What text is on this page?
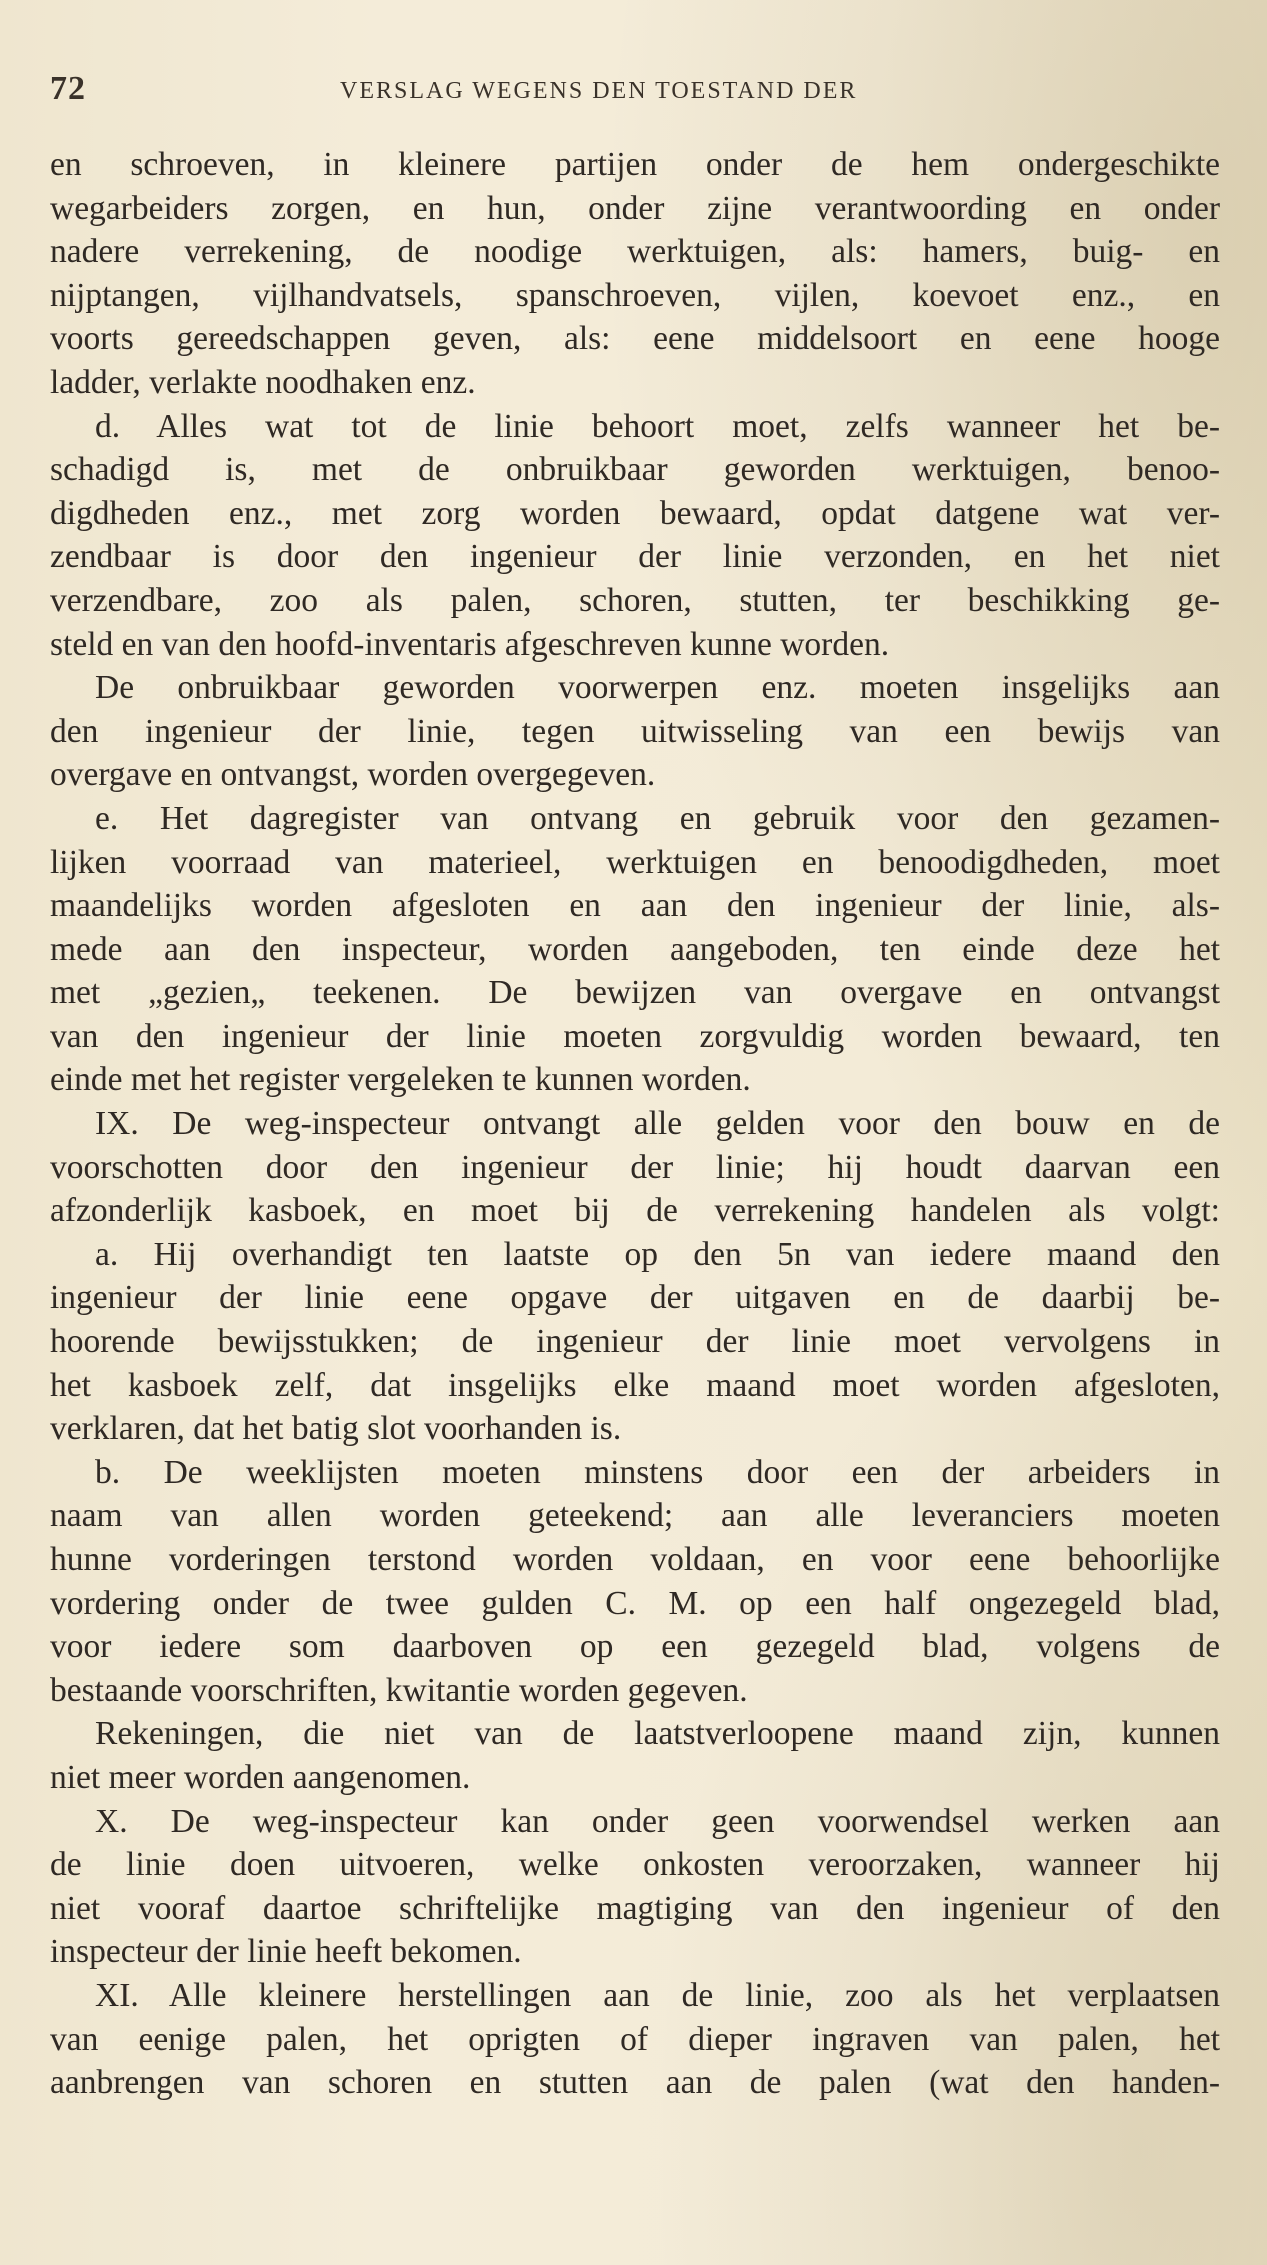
72	VERSLAG WEGENS DEN TOESTAND DER
en schroeven, in kleinere partijen onder de hem ondergeschikte
wegarbeiders zorgen, en hun, onder zijne verantwoording en onder
nadere verrekening, de noodige werktuigen, als: hamers, buig- en
nijptangen, vijlhandvatsels, spanschroeven, vijlen, koevoet enz., en
voorts gereedschappen geven, als: eene middelsoort en eene hooge
ladder, verlakte noodhaken enz.
d. Alles wat tot de linie behoort moet, zelfs wanneer het be-
schadigd is, met de onbruikbaar geworden werktuigen, benoo-
digdheden enz., met zorg worden bewaard, opdat datgene wat ver-
zendbaar is door den ingenieur der linie verzonden, en het niet
verzendbare, zoo als palen, schoren, stutten, ter beschikking ge-
steld en van den hoofd-inventaris afgeschreven kunne worden.
De onbruikbaar geworden voorwerpen enz. moeten insgelijks aan
den ingenieur der linie, tegen uitwisseling van een bewijs van
overgave en ontvangst, worden overgegeven.
e. Het dagregister van ontvang en gebruik voor den gezamen-
lijken voorraad van materieel, werktuigen en benoodigdheden, moet
maandelijks worden afgesloten en aan den ingenieur der linie, als-
mede aan den inspecteur, worden aangeboden, ten einde deze het
met „gezien„ teekenen. De bewijzen van overgave en ontvangst
van den ingenieur der linie moeten zorgvuldig worden bewaard, ten
einde met het register vergeleken te kunnen worden.
IX. De weg-inspecteur ontvangt alle gelden voor den bouw en de
voorschotten door den ingenieur der linie; hij houdt daarvan een
afzonderlijk kasboek, en moet bij de verrekening handelen als volgt:
a. Hij overhandigt ten laatste op den 5n van iedere maand den
ingenieur der linie eene opgave der uitgaven en de daarbij be-
hoorende bewijsstukken; de ingenieur der linie moet vervolgens in
het kasboek zelf, dat insgelijks elke maand moet worden afgesloten,
verklaren, dat het batig slot voorhanden is.
b. De weeklijsten moeten minstens door een der arbeiders in
naam van allen worden geteekend; aan alle leveranciers moeten
hunne vorderingen terstond worden voldaan, en voor eene behoorlijke
vordering onder de twee gulden C. M. op een half ongezegeld blad,
voor iedere som daarboven op een gezegeld blad, volgens de
bestaande voorschriften, kwitantie worden gegeven.
Rekeningen, die niet van de laatstverloopene maand zijn, kunnen
niet meer worden aangenomen.
X. De weg-inspecteur kan onder geen voorwendsel werken aan
de linie doen uitvoeren, welke onkosten veroorzaken, wanneer hij
niet vooraf daartoe schriftelijke magtiging van den ingenieur of den
inspecteur der linie heeft bekomen.
XI. Alle kleinere herstellingen aan de linie, zoo als het verplaatsen
van eenige palen, het oprigten of dieper ingraven van palen, het
aanbrengen van schoren en stutten aan de palen (wat den handen-
